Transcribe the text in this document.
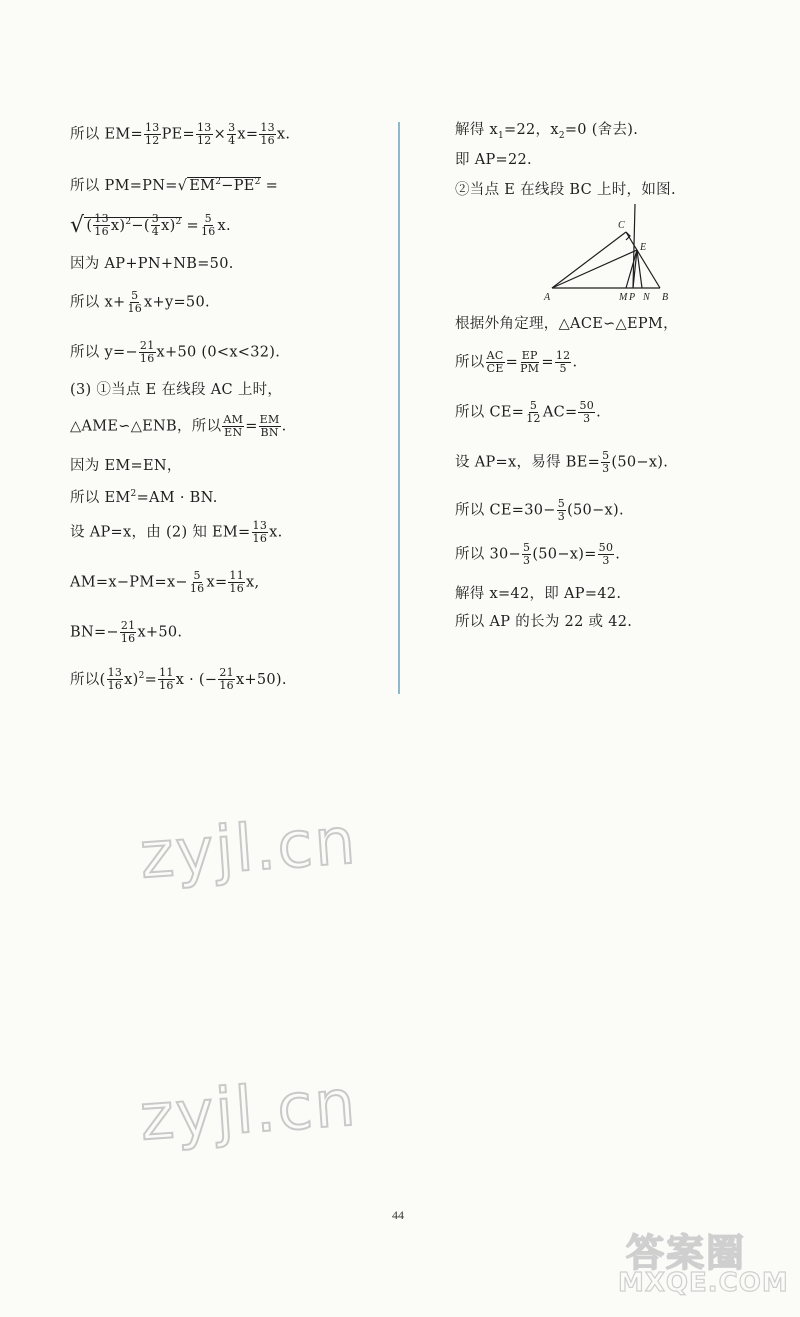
所以 $EM= \frac{13}{12} PE= \frac{13}{12} \times \frac{3}{4} x= \frac{13}{16} x$.
所以 PM=PN=√ $EM^2-PE^2$ =
√ ( $\frac{13}{16} x)^2-( \frac{3}{4} x)^2 = \frac{5}{16} x$.
因为 AP+PN+NB=50.
所以 $x+ \frac{5}{16} x+y=50$.
所以 $y=- \frac{21}{16} x+50$ (0<x<32).
(3) ①当点 E 在线段 AC 上时，
△AME∽△ENB，所以 $\frac{AM}{EN} = \frac{EM}{BN}$ .
因为 EM=EN，
所以 $EM^2=AM$ · BN.
设 AP=x，由 (2) 知 $EM= \frac{13}{16} x$.
$AM=x-PM=x- \frac{5}{16} x= \frac{11}{16} x$,
$BN=- \frac{21}{16} x+50$.
所以( $\frac{13}{16} x)^2= \frac{11}{16}$ x · (− $\frac{21}{16} x+50$).
解得 $x_1=22$，$x_2=0$ (舍去).
即 AP=22.
②当点 E 在线段 BC 上时，如图.
C
E
A	M P N B
根据外角定理，△ACE∽△EPM，
所以 $\frac{AC}{CE} = \frac{EP}{PM} = \frac{12}{5}$ .
所以 $CE= \frac{5}{12} AC= \frac{50}{3}$ .
设 AP=x，易得 $BE= \frac{5}{3} (50-x)$.
所以 $CE=30- \frac{5}{3} (50-x)$.
所以 $30- \frac{5}{3} (50-x)= \frac{50}{3}$ .
解得 x=42，即 AP=42.
所以 AP 的长为 22 或 42.
zyjl.cn
zyjl.cn
44
答案圈
MXQE.COM
